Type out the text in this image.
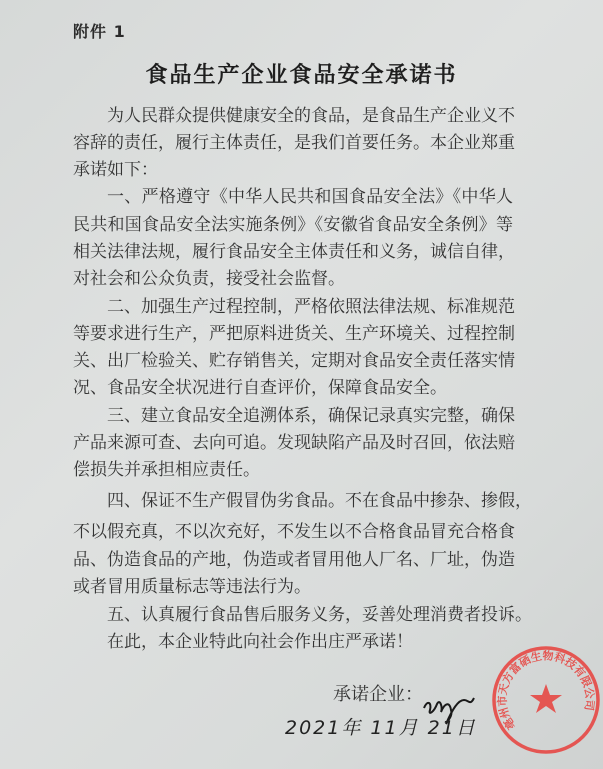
附件 1
食品生产企业食品安全承诺书
为人民群众提供健康安全的食品，是食品生产企业义不
容辞的责任，履行主体责任，是我们首要任务。本企业郑重
承诺如下：
一、严格遵守《中华人民共和国食品安全法》《中华人
民共和国食品安全法实施条例》《安徽省食品安全条例》等
相关法律法规，履行食品安全主体责任和义务，诚信自律，
对社会和公众负责，接受社会监督。
二、加强生产过程控制，严格依照法律法规、标准规范
等要求进行生产，严把原料进货关、生产环境关、过程控制
关、出厂检验关、贮存销售关，定期对食品安全责任落实情
况、食品安全状况进行自查评价，保障食品安全。
三、建立食品安全追溯体系，确保记录真实完整，确保
产品来源可查、去向可追。发现缺陷产品及时召回，依法赔
偿损失并承担相应责任。
四、保证不生产假冒伪劣食品。不在食品中掺杂、掺假，
不以假充真，不以次充好，不发生以不合格食品冒充合格食
品、伪造食品的产地，伪造或者冒用他人厂名、厂址，伪造
或者冒用质量标志等违法行为。
五、认真履行食品售后服务义务，妥善处理消费者投诉。
在此，本企业特此向社会作出庄严承诺！
亳州市天方富硒生物科技有限公司
承诺企业：
2021年 11月 21日
